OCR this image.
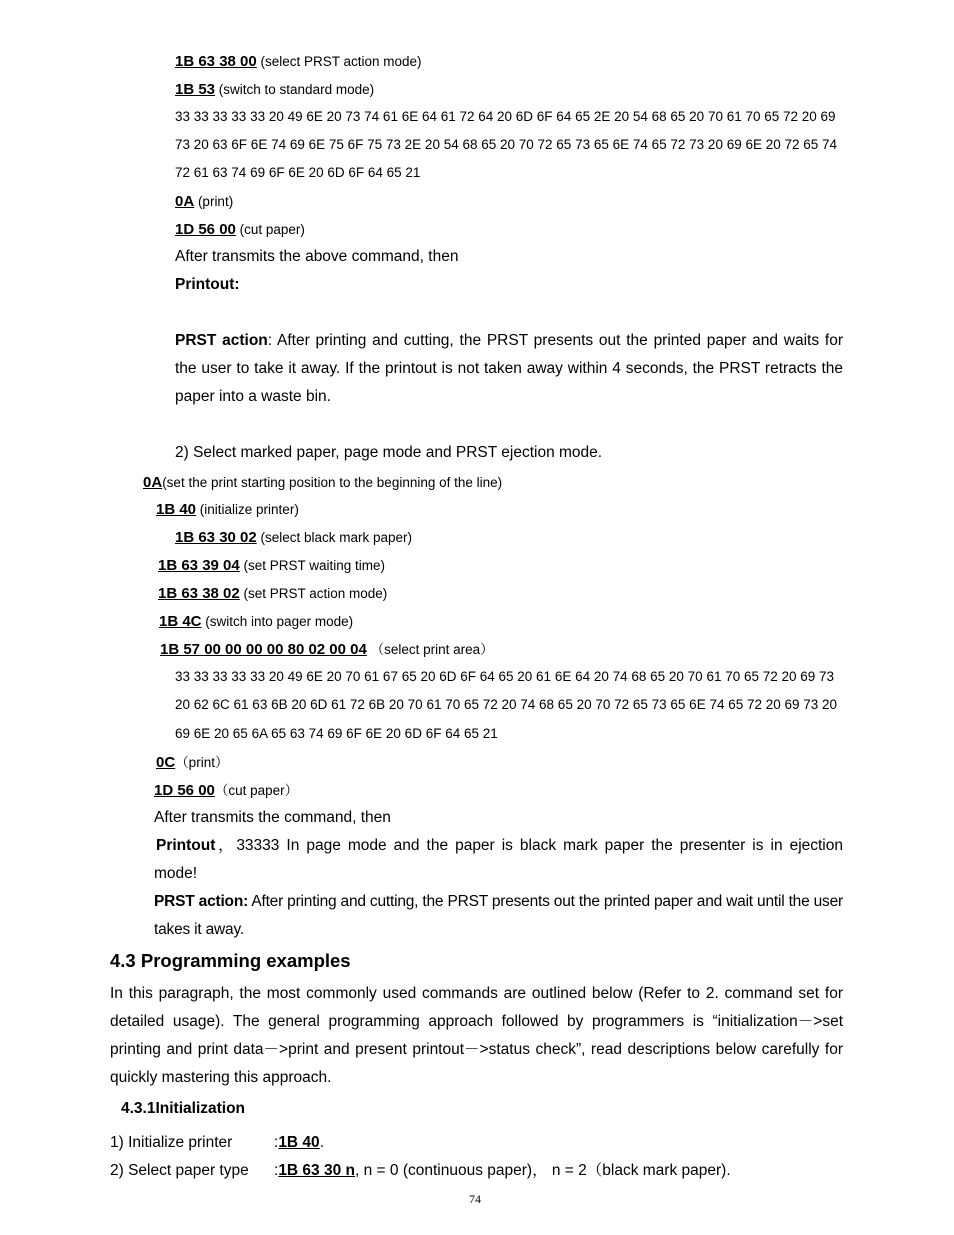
1B 63 38 00 (select PRST action mode)
1B 53 (switch to standard mode)
33 33 33 33 33 20 49 6E 20 73 74 61 6E 64 61 72 64 20 6D 6F 64 65 2E 20 54 68 65 20 70 61 70 65 72 20 69
73 20 63 6F 6E 74 69 6E 75 6F 75 73 2E 20 54 68 65 20 70 72 65 73 65 6E 74 65 72 73 20 69 6E 20 72 65 74
72 61 63 74 69 6F 6E 20 6D 6F 64 65 21
0A (print)
1D 56 00 (cut paper)
After transmits the above command, then
Printout:
PRST action: After printing and cutting, the PRST presents out the printed paper and waits for the user to take it away. If the printout is not taken away within 4 seconds, the PRST retracts the paper into a waste bin.
2) Select marked paper, page mode and PRST ejection mode.
0A(set the print starting position to the beginning of the line)
1B 40 (initialize printer)
1B 63 30 02 (select black mark paper)
1B 63 39 04 (set PRST waiting time)
1B 63 38 02 (set PRST action mode)
1B 4C (switch into pager mode)
1B 57 00 00 00 00 80 02 00 04 （select print area）
33 33 33 33 33 20 49 6E 20 70 61 67 65 20 6D 6F 64 65 20 61 6E 64 20 74 68 65 20 70 61 70 65 72 20 69 73
20 62 6C 61 63 6B 20 6D 61 72 6B 20 70 61 70 65 72 20 74 68 65 20 70 72 65 73 65 6E 74 65 72 20 69 73 20
69 6E 20 65 6A 65 63 74 69 6F 6E 20 6D 6F 64 65 21
0C（print）
1D 56 00（cut paper）
After transmits the command, then
Printout，33333 In page mode and the paper is black mark paper the presenter is in ejection mode!
PRST action: After printing and cutting, the PRST presents out the printed paper and wait until the user takes it away.
4.3 Programming examples
In this paragraph, the most commonly used commands are outlined below (Refer to 2. command set for detailed usage). The general programming approach followed by programmers is “initialization－>set printing and print data－>print and present printout－>status check”, read descriptions below carefully for quickly mastering this approach.
4.3.1Initialization
1) Initialize printer	:1B 40.
2) Select paper type :1B 63 30 n, n = 0 (continuous paper)， n = 2（black mark paper).
74
